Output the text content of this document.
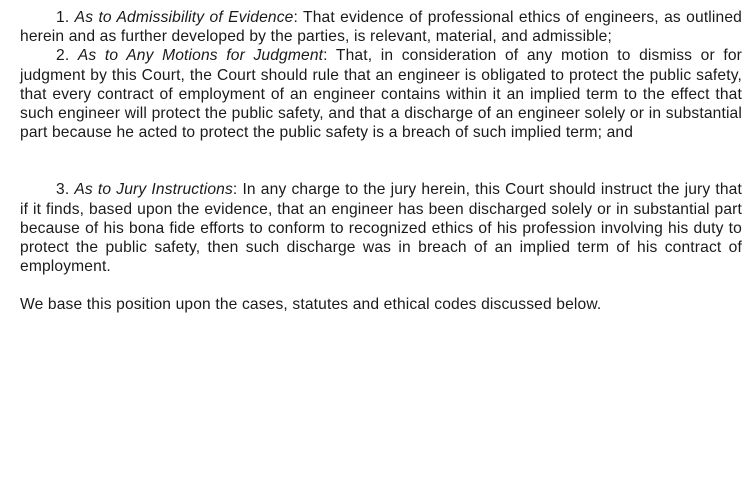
1. As to Admissibility of Evidence: That evidence of professional ethics of engineers, as outlined herein and as further developed by the parties, is relevant, material, and admissible;

2. As to Any Motions for Judgment: That, in consideration of any motion to dismiss or for judgment by this Court, the Court should rule that an engineer is obligated to protect the public safety, that every contract of employment of an engineer contains within it an implied term to the effect that such engineer will protect the public safety, and that a discharge of an engineer solely or in substantial part because he acted to protect the public safety is a breach of such implied term; and

3. As to Jury Instructions: In any charge to the jury herein, this Court should instruct the jury that if it finds, based upon the evidence, that an engineer has been discharged solely or in substantial part because of his bona fide efforts to conform to recognized ethics of his profession involving his duty to protect the public safety, then such discharge was in breach of an implied term of his contract of employment.

We base this position upon the cases, statutes and ethical codes discussed below.
